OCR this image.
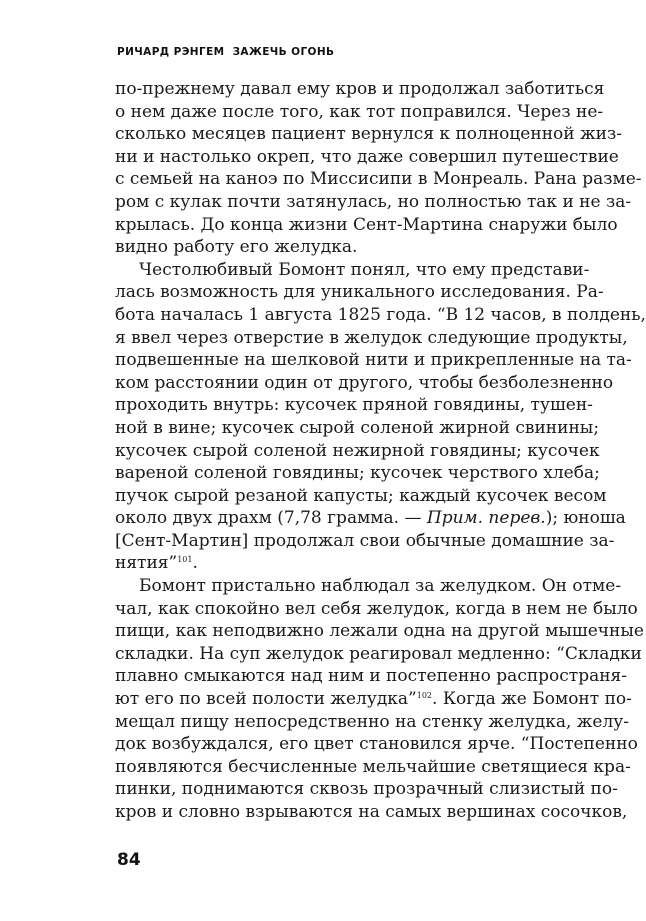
РИЧАРД РЭНГЕМ ЗАЖЕЧЬ ОГОНЬ
по-прежнему давал ему кров и продолжал заботиться
о нем даже после того, как тот поправился. Через не-
сколько месяцев пациент вернулся к полноценной жиз-
ни и настолько окреп, что даже совершил путешествие
с семьей на каноэ по Миссисипи в Монреаль. Рана разме-
ром с кулак почти затянулась, но полностью так и не за-
крылась. До конца жизни Сент-Мартина снаружи было
видно работу его желудка.
Честолюбивый Бомонт понял, что ему представи-
лась возможность для уникального исследования. Ра-
бота началась 1 августа 1825 года. “В 12 часов, в полдень,
я ввел через отверстие в желудок следующие продукты,
подвешенные на шелковой нити и прикрепленные на та-
ком расстоянии один от другого, чтобы безболезненно
проходить внутрь: кусочек пряной говядины, тушен-
ной в вине; кусочек сырой соленой жирной свинины;
кусочек сырой соленой нежирной говядины; кусочек
вареной соленой говядины; кусочек черствого хлеба;
пучок сырой резаной капусты; каждый кусочек весом
около двух драхм (7,78 грамма. — Прим. перев.); юноша
[Сент-Мартин] продолжал свои обычные домашние за-
нятия”$^{101}$.
Бомонт пристально наблюдал за желудком. Он отме-
чал, как спокойно вел себя желудок, когда в нем не было
пищи, как неподвижно лежали одна на другой мышечные
складки. На суп желудок реагировал медленно: “Складки
плавно смыкаются над ним и постепенно распространя-
ют его по всей полости желудка”$^{102}$. Когда же Бомонт по-
мещал пищу непосредственно на стенку желудка, желу-
док возбуждался, его цвет становился ярче. “Постепенно
появляются бесчисленные мельчайшие светящиеся кра-
пинки, поднимаются сквозь прозрачный слизистый по-
кров и словно взрываются на самых вершинах сосочков,
84
